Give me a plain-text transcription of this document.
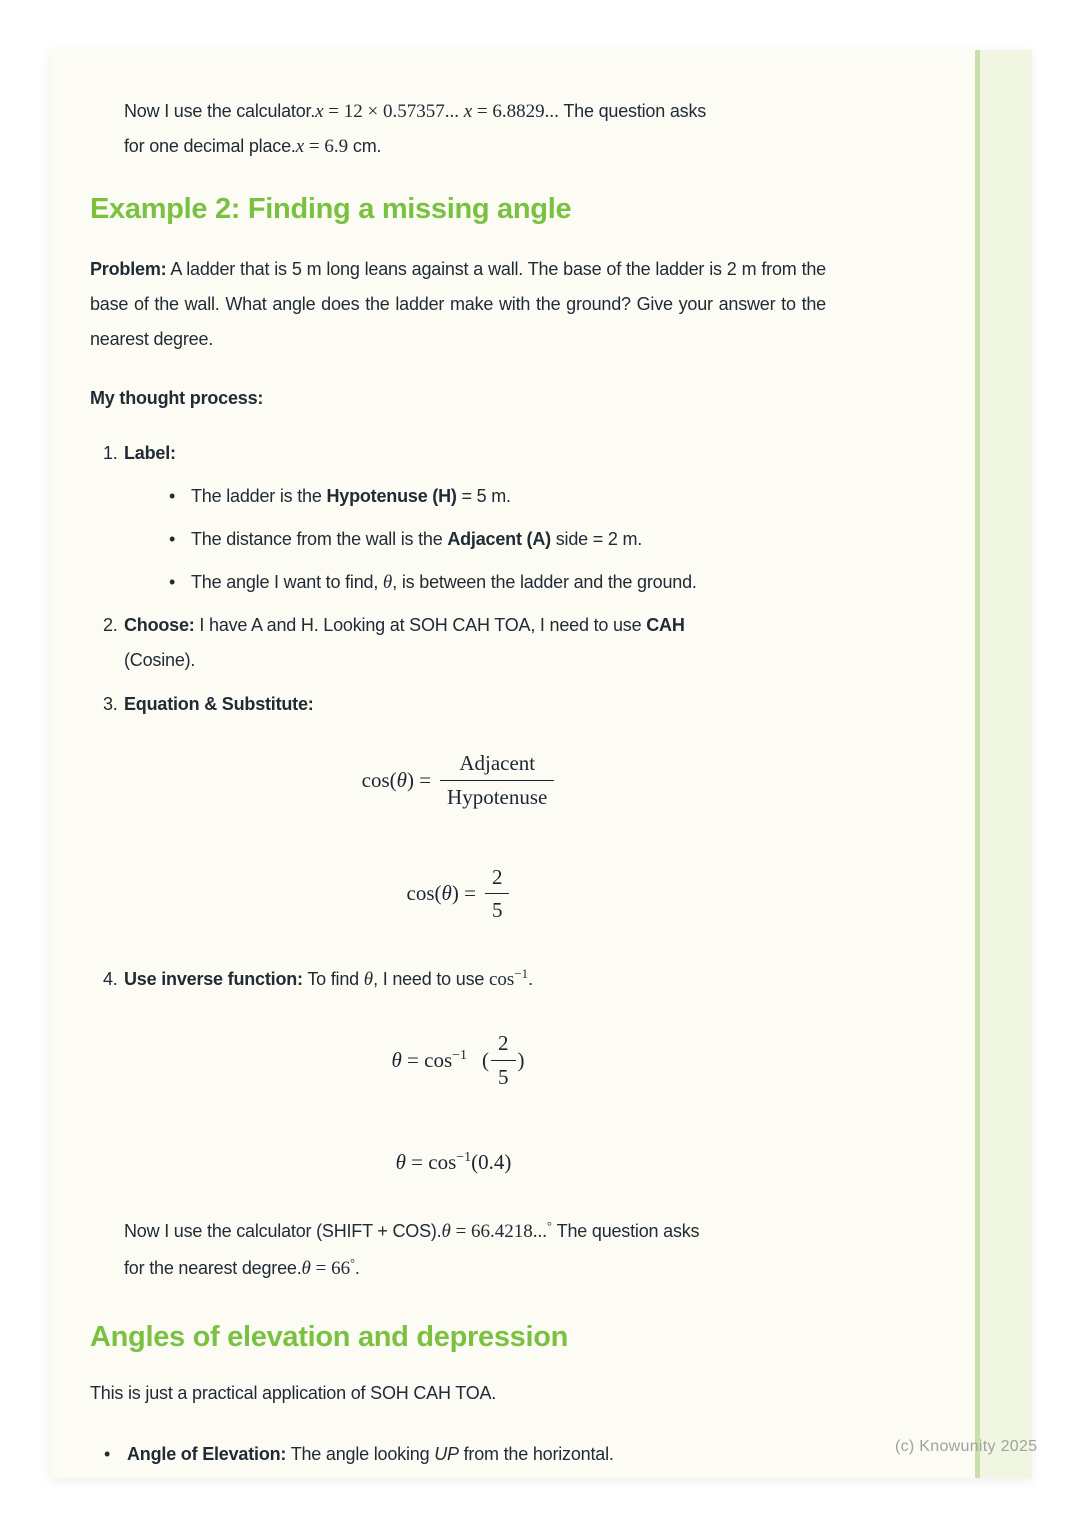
Now I use the calculator.x = 12 × 0.57357... x = 6.8829... The question asks
for one decimal place.x = 6.9 cm.

Example 2: Finding a missing angle

Problem: A ladder that is 5 m long leans against a wall. The base of the ladder is 2 m from the base of the wall. What angle does the ladder make with the ground? Give your answer to the nearest degree.

My thought process:

1. Label:
•
The ladder is the Hypotenuse (H) = 5 m.
•
The distance from the wall is the Adjacent (A) side = 2 m.
•
The angle I want to find, θ, is between the ladder and the ground.
2. Choose: I have A and H. Looking at SOH CAH TOA, I need to use CAH
(Cosine).
3. Equation & Substitute:
$\cos(\theta) = \frac{\text{Adjacent}}{\text{Hypotenuse}}$
$\cos(\theta) = \frac{2}{5}$
4. Use inverse function: To find θ, I need to use $\cos^{-1}$.
$\theta = \cos^{-1}$ ( $\frac{2}{5}$ )
$\theta = \cos^{-1}(0.4)$

Now I use the calculator (SHIFT + COS).θ = 66.4218...° The question asks
for the nearest degree.θ = 66°.

Angles of elevation and depression

This is just a practical application of SOH CAH TOA.

•
Angle of Elevation: The angle looking UP from the horizontal.	(c) Knowunity 2025
